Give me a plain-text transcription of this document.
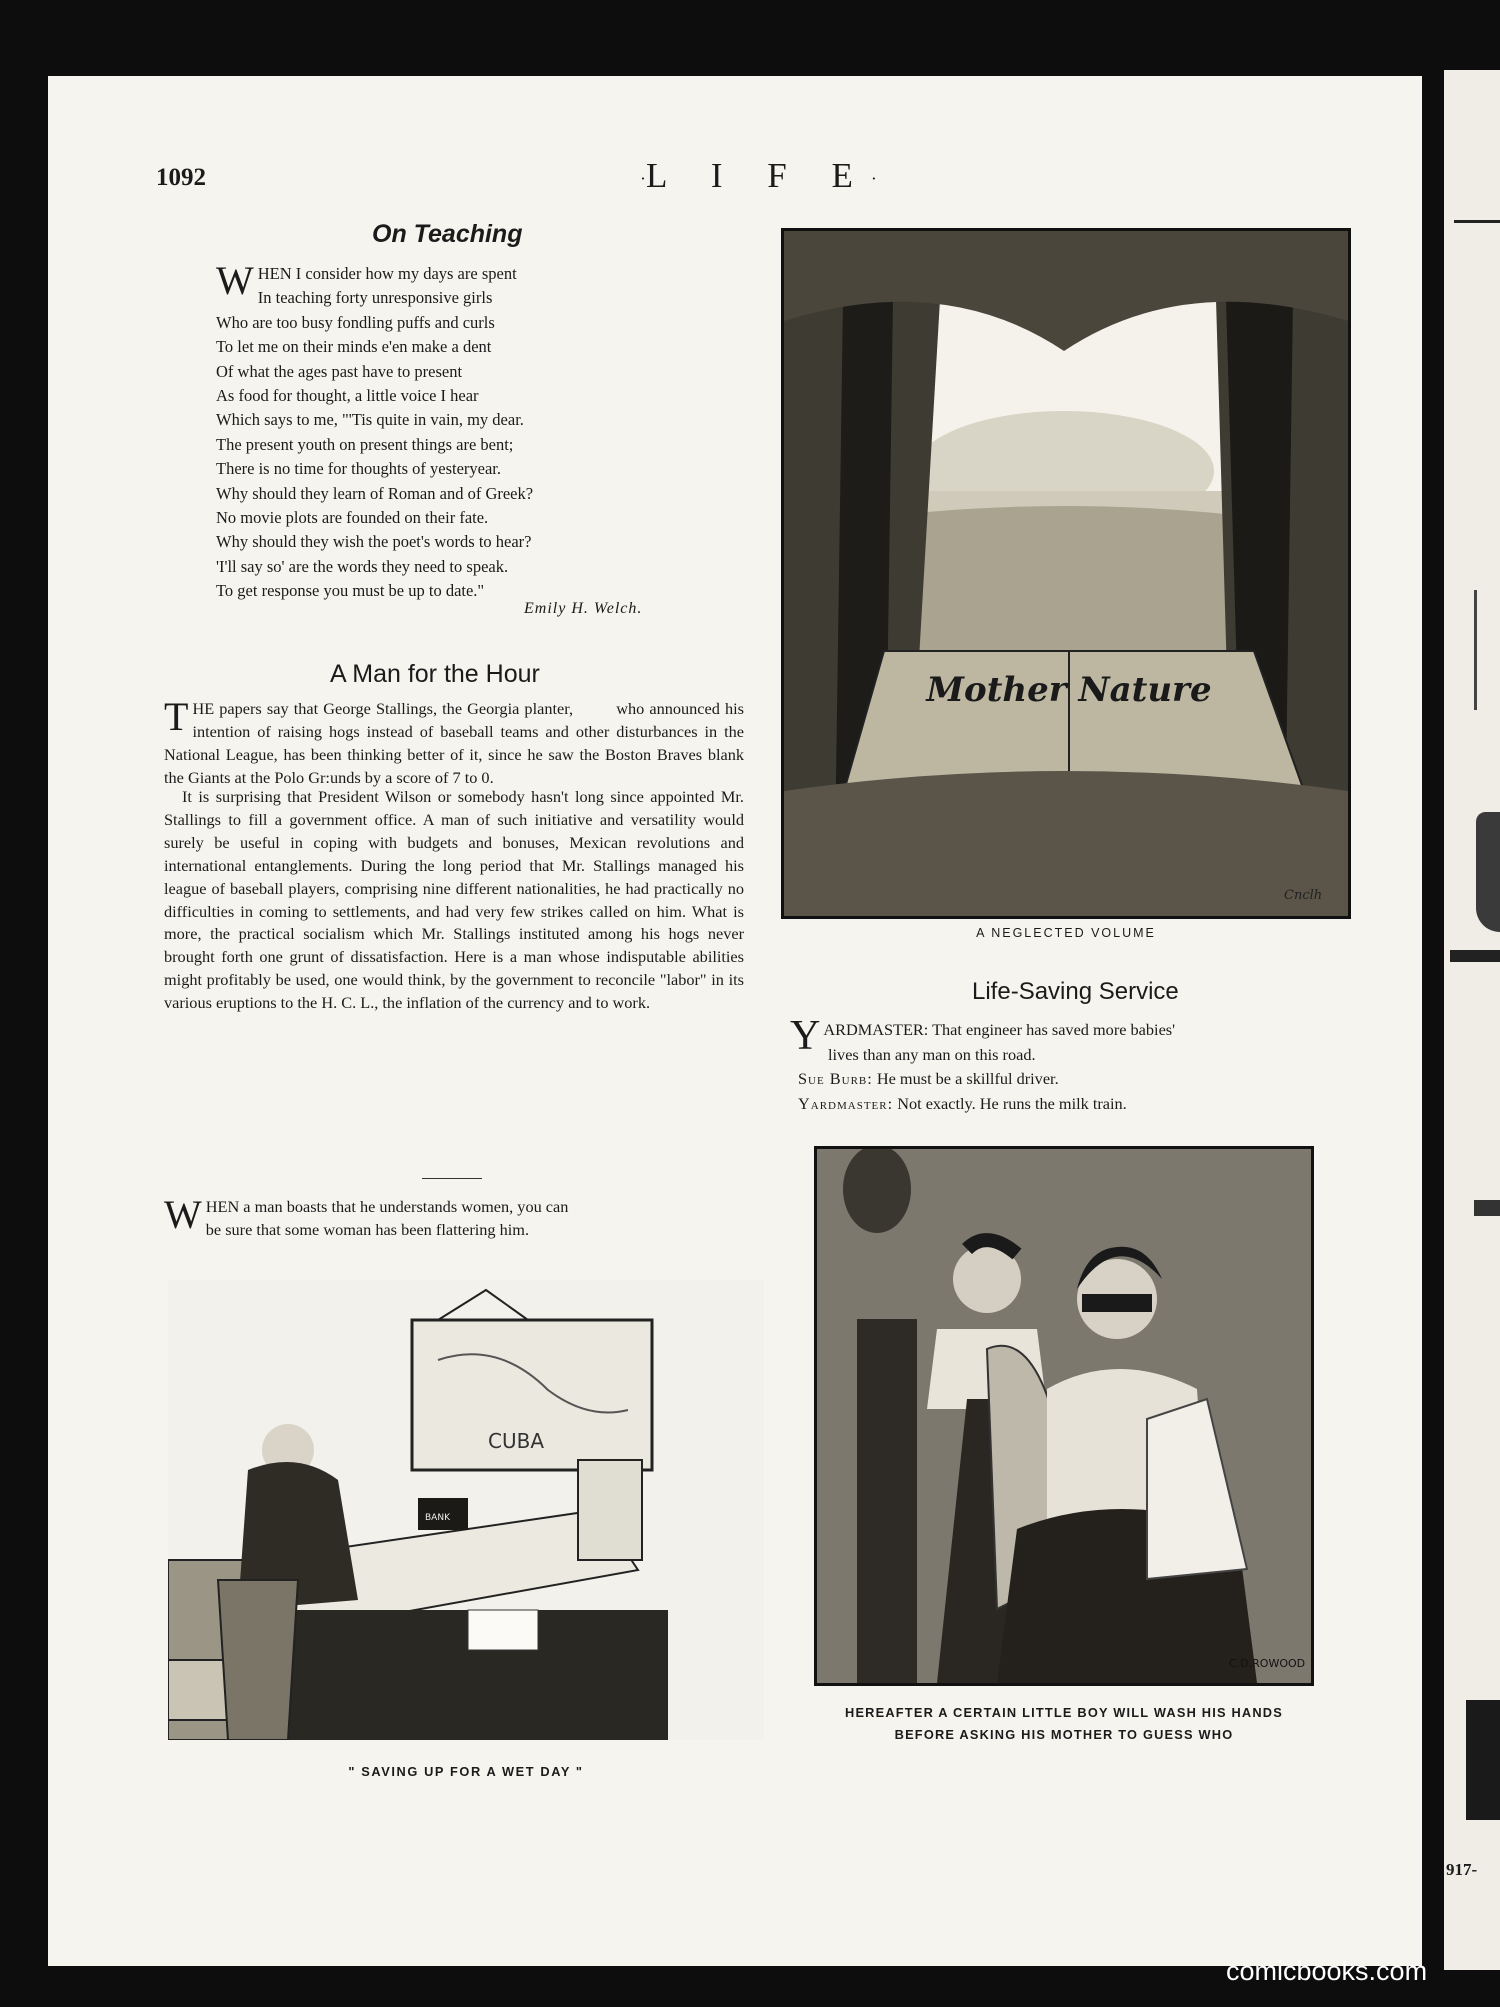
917-
1092	·L I F E·
On Teaching
W HEN I consider how my days are spent
In teaching forty unresponsive girls
Who are too busy fondling puffs and curls
To let me on their minds e'en make a dent
Of what the ages past have to present
As food for thought, a little voice I hear
Which says to me, "'Tis quite in vain, my dear.
The present youth on present things are bent;
There is no time for thoughts of yesteryear.
Why should they learn of Roman and of Greek?
No movie plots are founded on their fate.
Why should they wish the poet's words to hear?
'I'll say so' are the words they need to speak.
To get response you must be up to date."
Emily H. Welch.
A Man for the Hour
T HE papers say that George Stallings, the Georgia planter,	who announced his intention of raising hogs instead of baseball teams and other disturbances in the National League, has been thinking better of it, since he saw the Boston Braves blank the Giants at the Polo Gr:unds by a score of 7 to 0.
It is surprising that President Wilson or somebody hasn't long since appointed Mr. Stallings to fill a government office. A man of such initiative and versatility would surely be useful in coping with budgets and bonuses, Mexican revolutions and international entanglements. During the long period that Mr. Stallings managed his league of baseball players, comprising nine different nationalities, he had practically no difficulties in coming to settlements, and had very few strikes called on him. What is more, the practical socialism which Mr. Stallings instituted among his hogs never brought forth one grunt of dissatisfaction. Here is a man whose indisputable abilities might profitably be used, one would think, by the government to reconcile "labor" in its various eruptions to the H. C. L., the inflation of the currency and to work.
W HEN a man boasts that he understands women, you can
be sure that some woman has been flattering him.
Mother Nature
Cnclh
A NEGLECTED VOLUME
Life-Saving Service
Y ARDMASTER: That engineer has saved more babies'
lives than any man on this road.
Sue Burb: He must be a skillful driver.
Yardmaster: Not exactly. He runs the milk train.
C.D.ROWOOD
HEREAFTER A CERTAIN LITTLE BOY WILL WASH HIS HANDS
BEFORE ASKING HIS MOTHER TO GUESS WHO
CUBA
BANK
" SAVING UP FOR A WET DAY "
comicbooks.com
